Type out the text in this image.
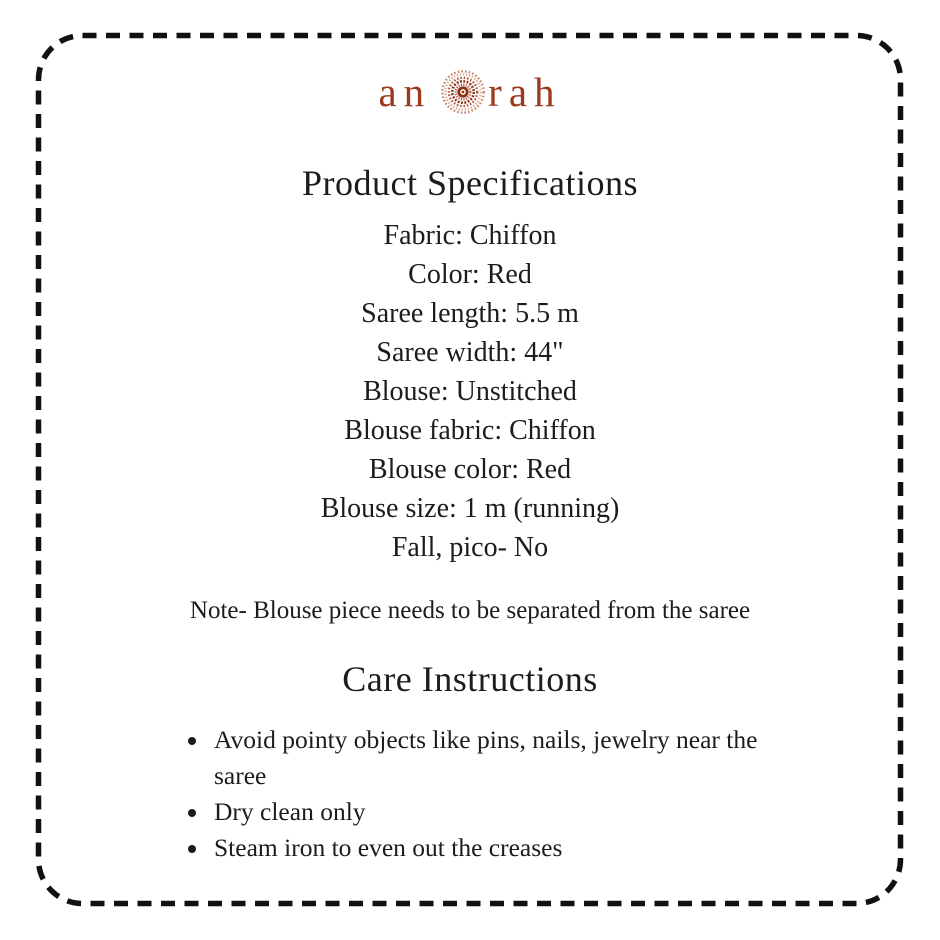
an rah
Product Specifications
Fabric: Chiffon
Color: Red
Saree length: 5.5 m
Saree width: 44"
Blouse: Unstitched
Blouse fabric: Chiffon
Blouse color: Red
Blouse size: 1 m (running)
Fall, pico- No

Note- Blouse piece needs to be separated from the saree

Care Instructions
• Avoid pointy objects like pins, nails, jewelry near the saree
• Dry clean only
• Steam iron to even out the creases
